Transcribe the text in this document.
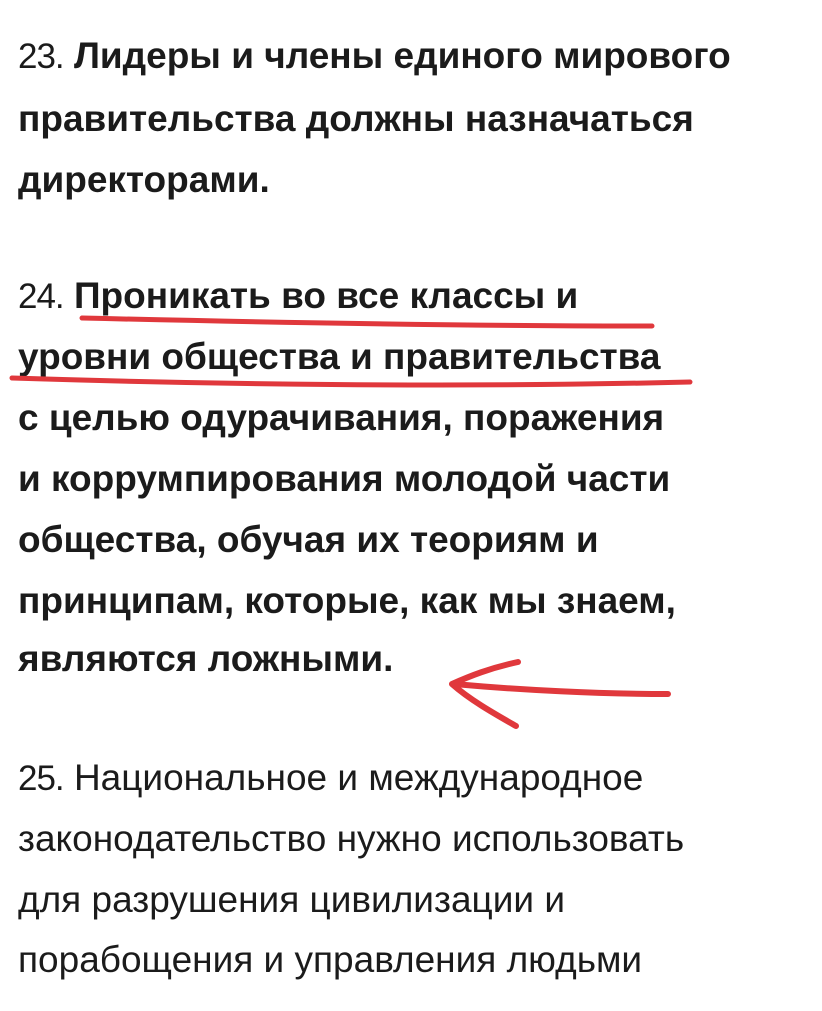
23. Лидеры и члены единого мирового
правительства должны назначаться
директорами.
24. Проникать во все классы и
уровни общества и правительства
с целью одурачивания, поражения
и коррумпирования молодой части
общества, обучая их теориям и
принципам, которые, как мы знаем,
являются ложными.
25. Национальное и международное
законодательство нужно использовать
для разрушения цивилизации и
порабощения и управления людьми
